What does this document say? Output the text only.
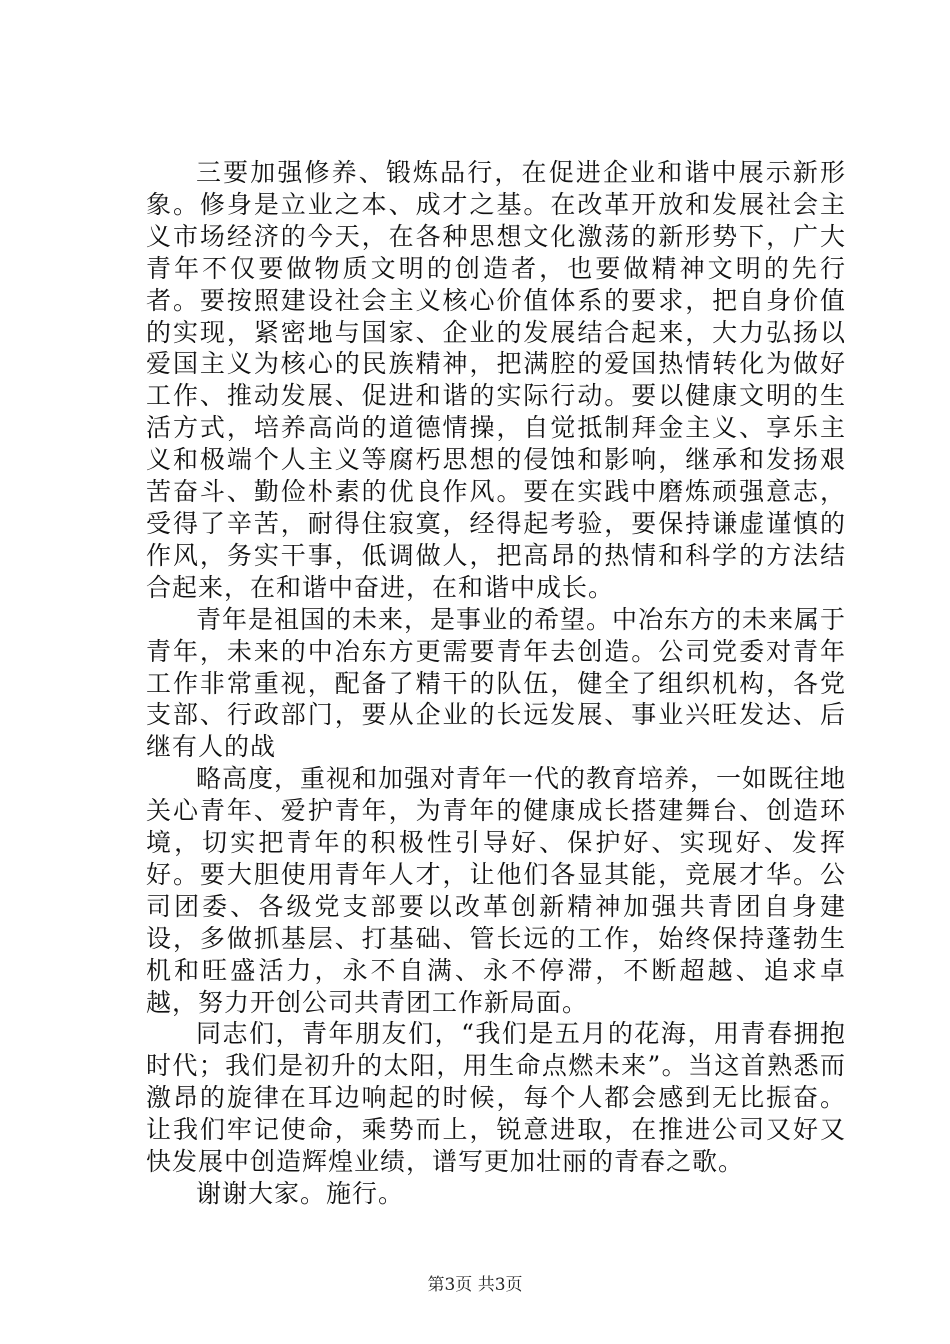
三要加强修养、锻炼品行，在促进企业和谐中展示新形象。修身是立业之本、成才之基。在改革开放和发展社会主义市场经济的今天，在各种思想文化激荡的新形势下，广大青年不仅要做物质文明的创造者，也要做精神文明的先行者。要按照建设社会主义核心价值体系的要求，把自身价值的实现，紧密地与国家、企业的发展结合起来，大力弘扬以爱国主义为核心的民族精神，把满腔的爱国热情转化为做好工作、推动发展、促进和谐的实际行动。要以健康文明的生活方式，培养高尚的道德情操，自觉抵制拜金主义、享乐主义和极端个人主义等腐朽思想的侵蚀和影响，继承和发扬艰苦奋斗、勤俭朴素的优良作风。要在实践中磨炼顽强意志，受得了辛苦，耐得住寂寞，经得起考验，要保持谦虚谨慎的作风，务实干事，低调做人，把高昂的热情和科学的方法结合起来，在和谐中奋进，在和谐中成长。

青年是祖国的未来，是事业的希望。中冶东方的未来属于青年，未来的中冶东方更需要青年去创造。公司党委对青年工作非常重视，配备了精干的队伍，健全了组织机构，各党支部、行政部门，要从企业的长远发展、事业兴旺发达、后继有人的战

略高度，重视和加强对青年一代的教育培养，一如既往地关心青年、爱护青年，为青年的健康成长搭建舞台、创造环境，切实把青年的积极性引导好、保护好、实现好、发挥好。要大胆使用青年人才，让他们各显其能，竞展才华。公司团委、各级党支部要以改革创新精神加强共青团自身建设，多做抓基层、打基础、管长远的工作，始终保持蓬勃生机和旺盛活力，永不自满、永不停滞，不断超越、追求卓越，努力开创公司共青团工作新局面。

同志们，青年朋友们，“我们是五月的花海，用青春拥抱时代；我们是初升的太阳，用生命点燃未来”。当这首熟悉而激昂的旋律在耳边响起的时候，每个人都会感到无比振奋。让我们牢记使命，乘势而上，锐意进取，在推进公司又好又快发展中创造辉煌业绩，谱写更加壮丽的青春之歌。

谢谢大家。施行。

第3页 共3页
